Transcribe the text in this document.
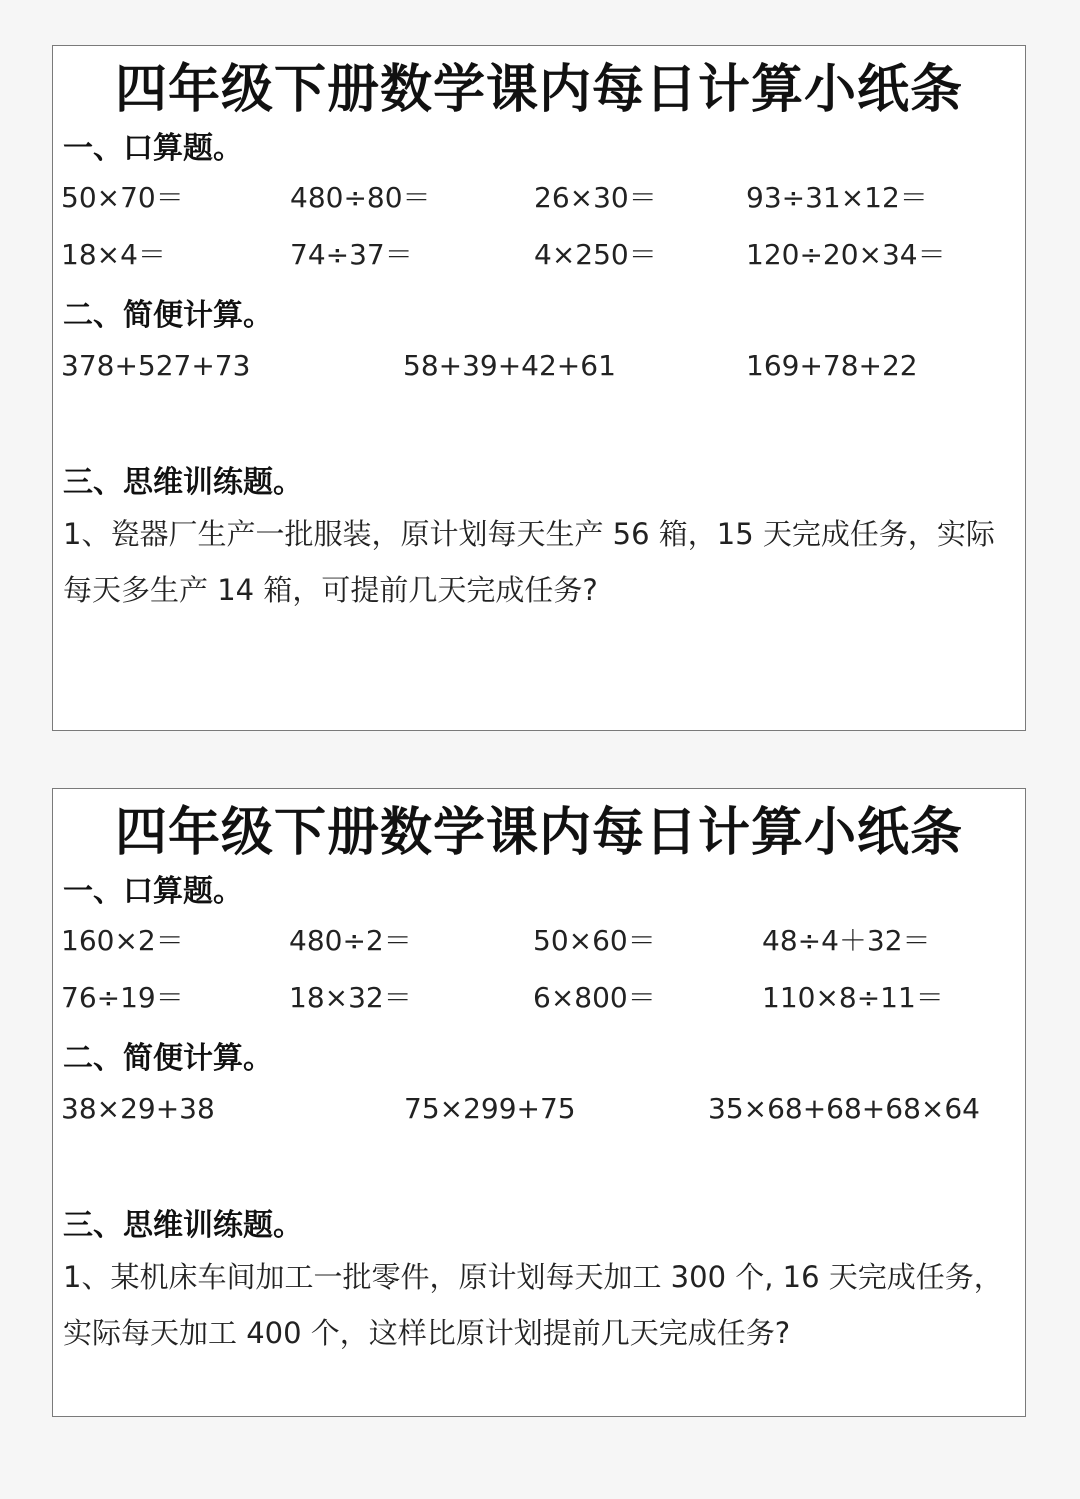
四年级下册数学课内每日计算小纸条
一、口算题。
50×70＝	480÷80＝	26×30＝	93÷31×12＝
18×4＝	74÷37＝	4×250＝	120÷20×34＝
二、简便计算。
378+527+73	58+39+42+61	169+78+22
三、思维训练题。
1、瓷器厂生产一批服装，原计划每天生产 56 箱，15 天完成任务，实际每天多生产 14 箱，可提前几天完成任务?
四年级下册数学课内每日计算小纸条
一、口算题。
160×2＝	480÷2＝	50×60＝	48÷4＋32＝
76÷19＝	18×32＝	6×800＝	110×8÷11＝
二、简便计算。
38×29+38	75×299+75	35×68+68+68×64
三、思维训练题。
1、某机床车间加工一批零件，原计划每天加工 300 个, 16 天完成任务，实际每天加工 400 个，这样比原计划提前几天完成任务?
